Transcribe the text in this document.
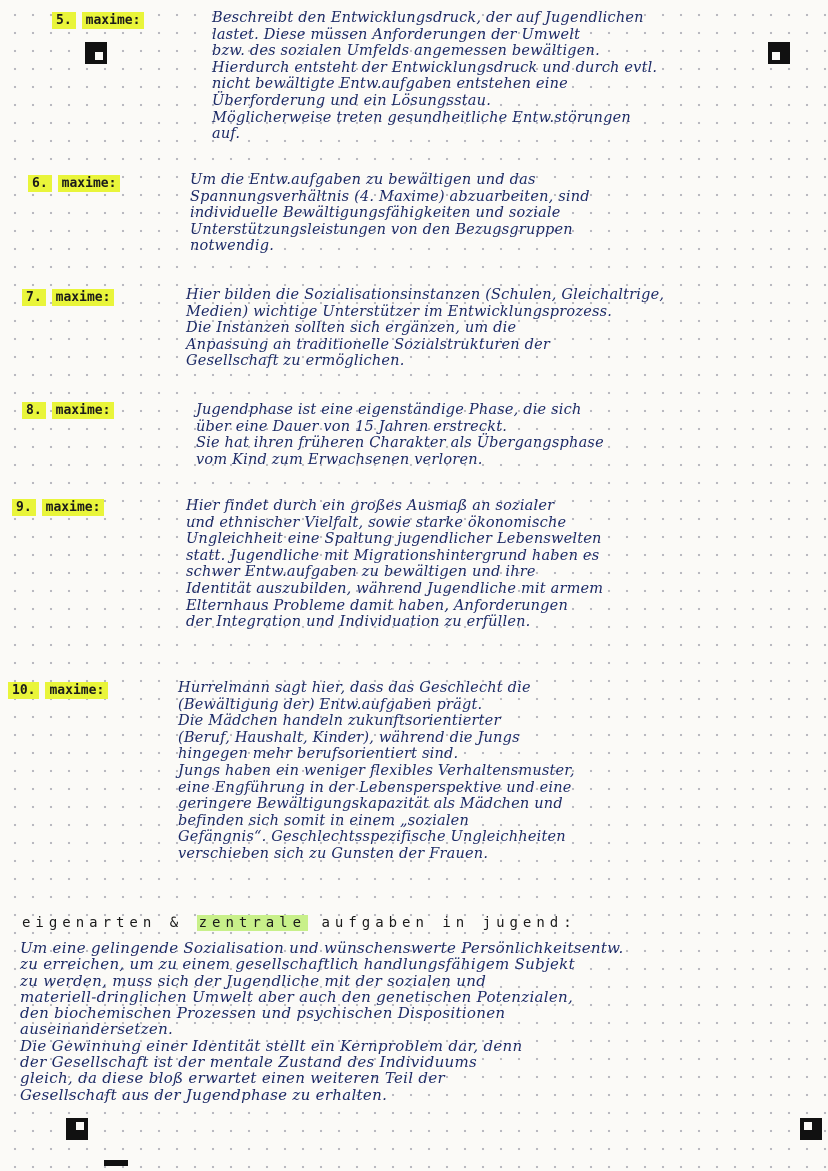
5. maxime:	Beschreibt den Entwicklungsdruck, der auf Jugendlichen
lastet. Diese müssen Anforderungen der Umwelt
bzw. des sozialen Umfelds angemessen bewältigen.
Hierdurch entsteht der Entwicklungsdruck und durch evtl.
nicht bewältigte Entw.aufgaben entstehen eine
Überforderung und ein Lösungsstau.
Möglicherweise treten gesundheitliche Entw.störungen
auf.
6. maxime:	Um die Entw.aufgaben zu bewältigen und das
Spannungsverhältnis (4. Maxime) abzuarbeiten, sind
individuelle Bewältigungsfähigkeiten und soziale
Unterstützungsleistungen von den Bezugsgruppen
notwendig.
7. maxime:	Hier bilden die Sozialisationsinstanzen (Schulen, Gleichaltrige,
Medien) wichtige Unterstützer im Entwicklungsprozess.
Die Instanzen sollten sich ergänzen, um die
Anpassung an traditionelle Sozialstrukturen der
Gesellschaft zu ermöglichen.
8. maxime:	Jugendphase ist eine eigenständige Phase, die sich
über eine Dauer von 15 Jahren erstreckt.
Sie hat ihren früheren Charakter als Übergangsphase
vom Kind zum Erwachsenen verloren.
9. maxime:	Hier findet durch ein großes Ausmaß an sozialer
und ethnischer Vielfalt, sowie starke ökonomische
Ungleichheit eine Spaltung jugendlicher Lebenswelten
statt. Jugendliche mit Migrationshintergrund haben es
schwer Entw.aufgaben zu bewältigen und ihre
Identität auszubilden, während Jugendliche mit armem
Elternhaus Probleme damit haben, Anforderungen
der Integration und Individuation zu erfüllen.
10. maxime:	Hurrelmann sagt hier, dass das Geschlecht die
(Bewältigung der) Entw.aufgaben prägt.
Die Mädchen handeln zukunftsorientierter
(Beruf, Haushalt, Kinder), während die Jungs
hingegen mehr berufsorientiert sind.
Jungs haben ein weniger flexibles Verhaltensmuster,
eine Engführung in der Lebensperspektive und eine
geringere Bewältigungskapazität als Mädchen und
befinden sich somit in einem „sozialen
Gefängnis“. Geschlechtsspezifische Ungleichheiten
verschieben sich zu Gunsten der Frauen.
eigenarten & zentrale aufgaben in jugend:
Um eine gelingende Sozialisation und wünschenswerte Persönlichkeitsentw.
zu erreichen, um zu einem gesellschaftlich handlungsfähigem Subjekt
zu werden, muss sich der Jugendliche mit der sozialen und
materiell-dringlichen Umwelt aber auch den genetischen Potenzialen,
den biochemischen Prozessen und psychischen Dispositionen
auseinandersetzen.
Die Gewinnung einer Identität stellt ein Kernproblem dar, denn
der Gesellschaft ist der mentale Zustand des Individuums
gleich, da diese bloß erwartet einen weiteren Teil der
Gesellschaft aus der Jugendphase zu erhalten.
